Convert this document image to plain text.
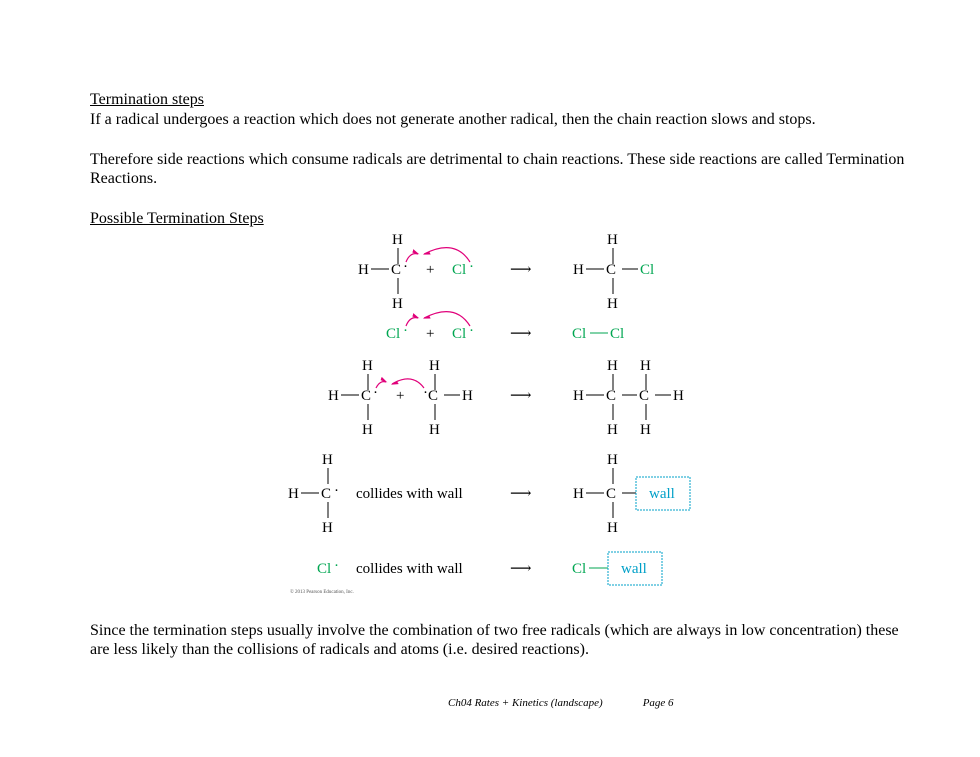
Termination steps
If a radical undergoes a reaction which does not generate another radical, then the chain reaction slows and stops.
Therefore side reactions which consume radicals are detrimental to chain reactions. These side reactions are called Termination Reactions.
Possible Termination Steps
H
H C ·
H
+ Cl · ⟶
H
H C Cl
H
Cl · + Cl · ⟶	Cl Cl
H
H C ·
H
+ · C
H
H
H
⟶
H H
H C C H
H H
H
H C ·
H
collides with wall	⟶
H
H C
H
wall
Cl · collides with wall	⟶	Cl wall
© 2013 Pearson Education, Inc.
Since the termination steps usually involve the combination of two free radicals (which are always in low concentration) these are less likely than the collisions of radicals and atoms (i.e. desired reactions).
Ch04 Rates + Kinetics (landscape)	Page 6
